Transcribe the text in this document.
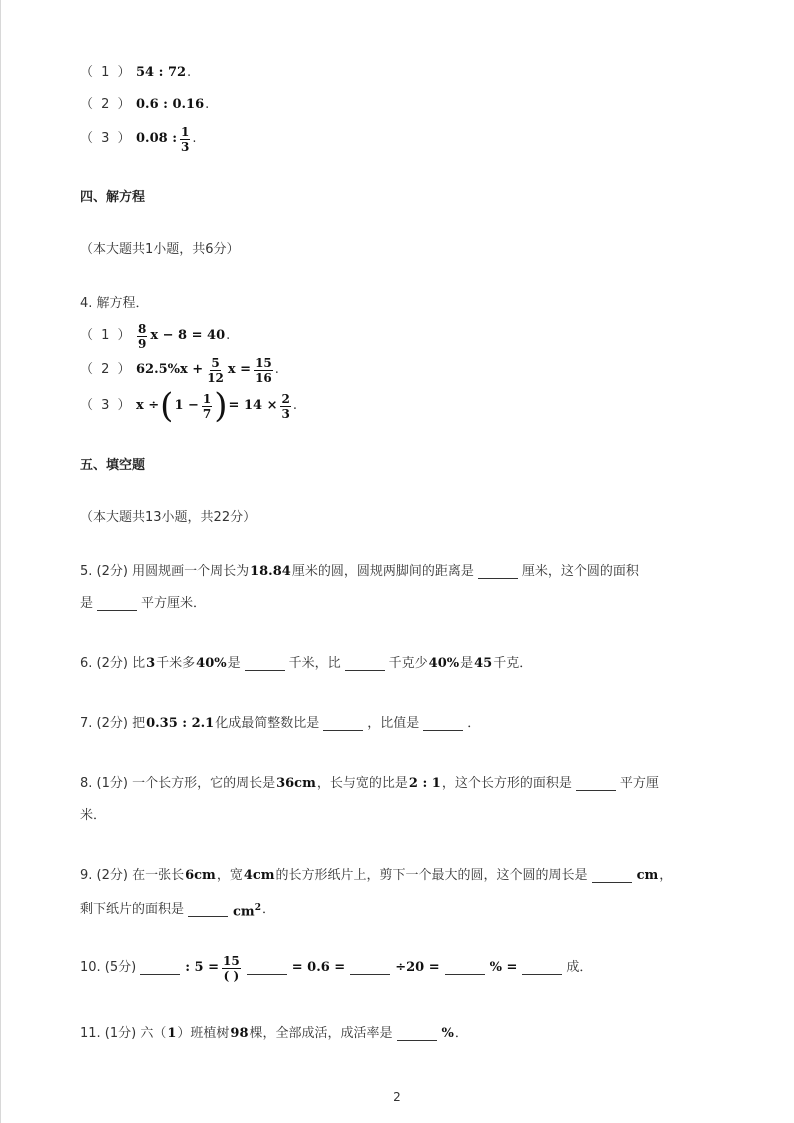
（ 1 ） 54 : 72 .
（ 2 ） 0.6 : 0.16 .
（ 3 ） 0.08 : $\frac{1}{3}$ .
四、解方程
（本大题共1小题，共6分）
4. 解方程．
（ 1 ） $\frac{8}{9}$ x − 8 = 40 .
（ 2 ） $62.5\%x + \frac{5}{12}$ $x = \frac{15}{16}$ .
（ 3 ） x ÷ ( $1 - \frac{1}{7}$ ) = $14 \times \frac{2}{3}$ .
五、填空题
（本大题共13小题，共22分）
5. (2分) 用圆规画一个周长为 18.84 厘米的圆，圆规两脚间的距离是	厘米，这个圆的面积
是	平方厘米．
6. (2分) 比 3 千米多 40% 是	千米，比	千克少 40% 是 45 千克．
7. (2分) 把 0.35 : 2.1 化成最简整数比是	，比值是	．
8. (1分) 一个长方形，它的周长是 36cm ，长与宽的比是 2 : 1 ，这个长方形的面积是	平方厘
米．
9. (2分) 在一张长 6cm ，宽 4cm 的长方形纸片上，剪下一个最大的圆，这个圆的周长是	cm ，
剩下纸片的面积是	$cm^2$ ．
10. (5分)	: $5 = \frac{15}{( )}$	= 0.6 =	÷20 =	% =	成．
11. (1分) 六（ 1 ）班植树 98 棵，全部成活，成活率是	% ．
2
